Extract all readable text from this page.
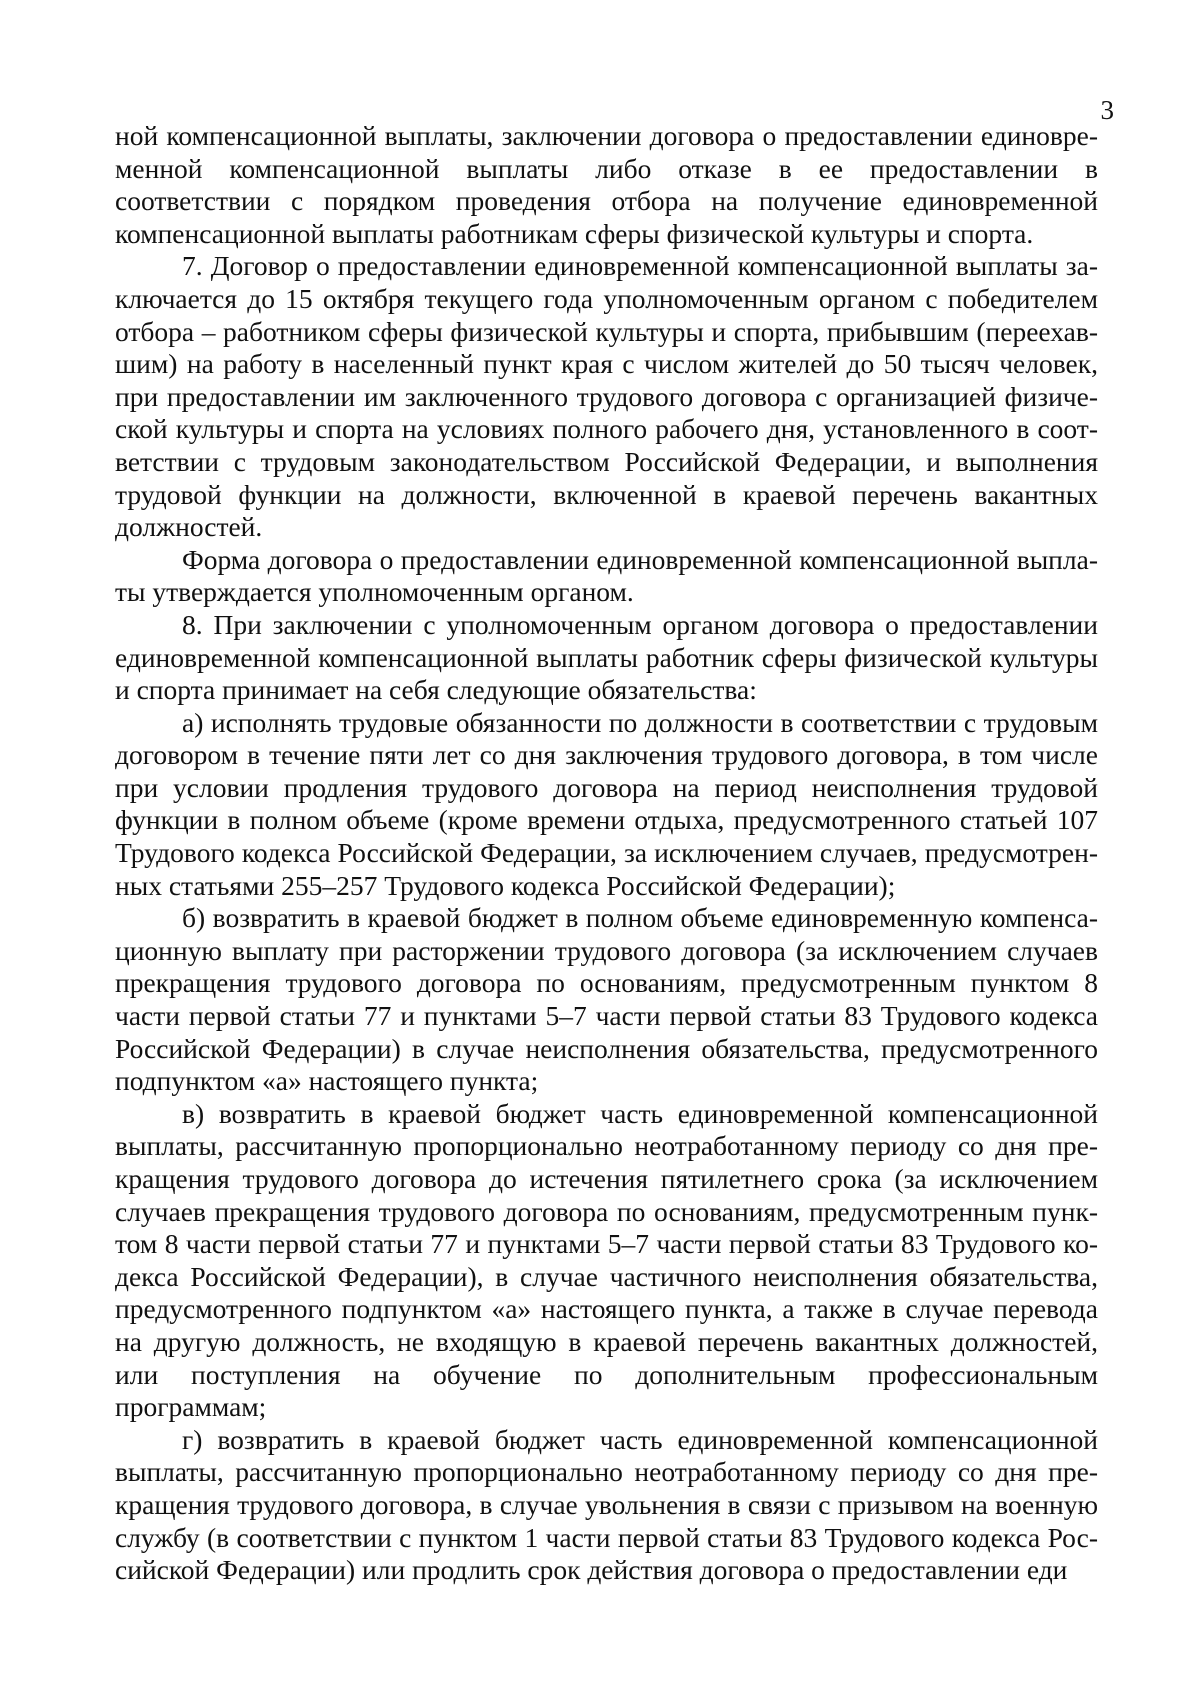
3

ной компенсационной выплаты, заключении договора о предоставлении единовременной компенсационной выплаты либо отказе в ее предоставлении в соответствии с порядком проведения отбора на получение единовременной компенсационной выплаты работникам сферы физической культуры и спорта.

7. Договор о предоставлении единовременной компенсационной выплаты заключается до 15 октября текущего года уполномоченным органом с победителем отбора – работником сферы физической культуры и спорта, прибывшим (переехавшим) на работу в населенный пункт края с числом жителей до 50 тысяч человек, при предоставлении им заключенного трудового договора с организацией физической культуры и спорта на условиях полного рабочего дня, установленного в соответствии с трудовым законодательством Российской Федерации, и выполнения трудовой функции на должности, включенной в краевой перечень вакантных должностей.

Форма договора о предоставлении единовременной компенсационной выплаты утверждается уполномоченным органом.

8. При заключении с уполномоченным органом договора о предоставлении единовременной компенсационной выплаты работник сферы физической культуры и спорта принимает на себя следующие обязательства:

а) исполнять трудовые обязанности по должности в соответствии с трудовым договором в течение пяти лет со дня заключения трудового договора, в том числе при условии продления трудового договора на период неисполнения трудовой функции в полном объеме (кроме времени отдыха, предусмотренного статьей 107 Трудового кодекса Российской Федерации, за исключением случаев, предусмотренных статьями 255–257 Трудового кодекса Российской Федерации);

б) возвратить в краевой бюджет в полном объеме единовременную компенсационную выплату при расторжении трудового договора (за исключением случаев прекращения трудового договора по основаниям, предусмотренным пунктом 8 части первой статьи 77 и пунктами 5–7 части первой статьи 83 Трудового кодекса Российской Федерации) в случае неисполнения обязательства, предусмотренного подпунктом «а» настоящего пункта;

в) возвратить в краевой бюджет часть единовременной компенсационной выплаты, рассчитанную пропорционально неотработанному периоду со дня прекращения трудового договора до истечения пятилетнего срока (за исключением случаев прекращения трудового договора по основаниям, предусмотренным пунктом 8 части первой статьи 77 и пунктами 5–7 части первой статьи 83 Трудового кодекса Российской Федерации), в случае частичного неисполнения обязательства, предусмотренного подпунктом «а» настоящего пункта, а также в случае перевода на другую должность, не входящую в краевой перечень вакантных должностей, или поступления на обучение по дополнительным профессиональным программам;

г) возвратить в краевой бюджет часть единовременной компенсационной выплаты, рассчитанную пропорционально неотработанному периоду со дня прекращения трудового договора, в случае увольнения в связи с призывом на военную службу (в соответствии с пунктом 1 части первой статьи 83 Трудового кодекса Российской Федерации) или продлить срок действия договора о предоставлении еди
